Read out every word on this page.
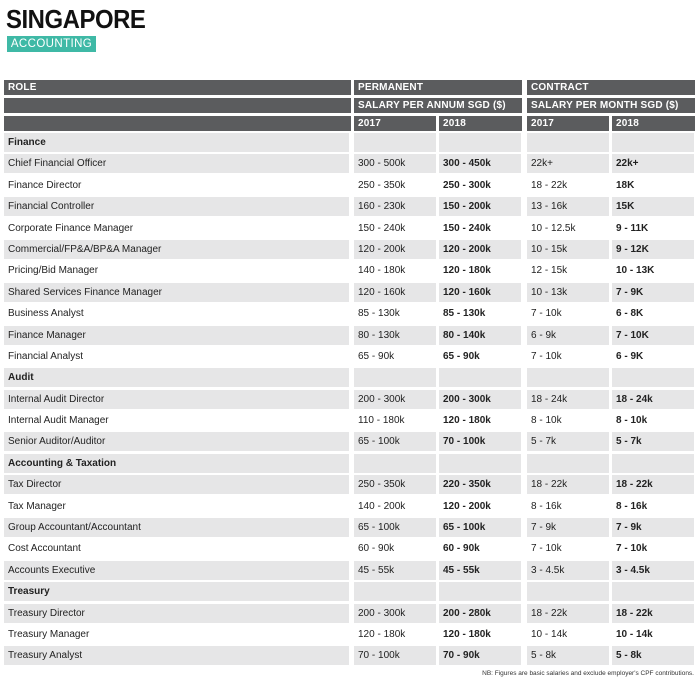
SINGAPORE
ACCOUNTING
ROLE	PERMANENT	CONTRACT
SALARY PER ANNUM SGD ($)	SALARY PER MONTH SGD ($)
2017	2018	2017	2018
Finance
Chief Financial Officer	300 - 500k	300 - 450k	22k+	22k+
Finance Director	250 - 350k	250 - 300k	18 - 22k	18K
Financial Controller	160 - 230k	150 - 200k	13 - 16k	15K
Corporate Finance Manager	150 - 240k	150 - 240k	10 - 12.5k	9 - 11K
Commercial/FP&A/BP&A Manager	120 - 200k	120 - 200k	10 - 15k	9 - 12K
Pricing/Bid Manager	140 - 180k	120 - 180k	12 - 15k	10 - 13K
Shared Services Finance Manager	120 - 160k	120 - 160k	10 - 13k	7 - 9K
Business Analyst	85 - 130k	85 - 130k	7 - 10k	6 - 8K
Finance Manager	80 - 130k	80 - 140k	6 - 9k	7 - 10K
Financial Analyst	65 - 90k	65 - 90k	7 - 10k	6 - 9K
Audit
Internal Audit Director	200 - 300k	200 - 300k	18 - 24k	18 - 24k
Internal Audit Manager	110 - 180k	120 - 180k	8 - 10k	8 - 10k
Senior Auditor/Auditor	65 - 100k	70 - 100k	5 - 7k	5 - 7k
Accounting & Taxation
Tax Director	250 - 350k	220 - 350k	18 - 22k	18 - 22k
Tax Manager	140 - 200k	120 - 200k	8 - 16k	8 - 16k
Group Accountant/Accountant	65 - 100k	65 - 100k	7 - 9k	7 - 9k
Cost Accountant	60 - 90k	60 - 90k	7 - 10k	7 - 10k
Accounts Executive	45 - 55k	45 - 55k	3 - 4.5k	3 - 4.5k
Treasury
Treasury Director	200 - 300k	200 - 280k	18 - 22k	18 - 22k
Treasury Manager	120 - 180k	120 - 180k	10 - 14k	10 - 14k
Treasury Analyst	70 - 100k	70 - 90k	5 - 8k	5 - 8k
NB: Figures are basic salaries and exclude employer's CPF contributions.
